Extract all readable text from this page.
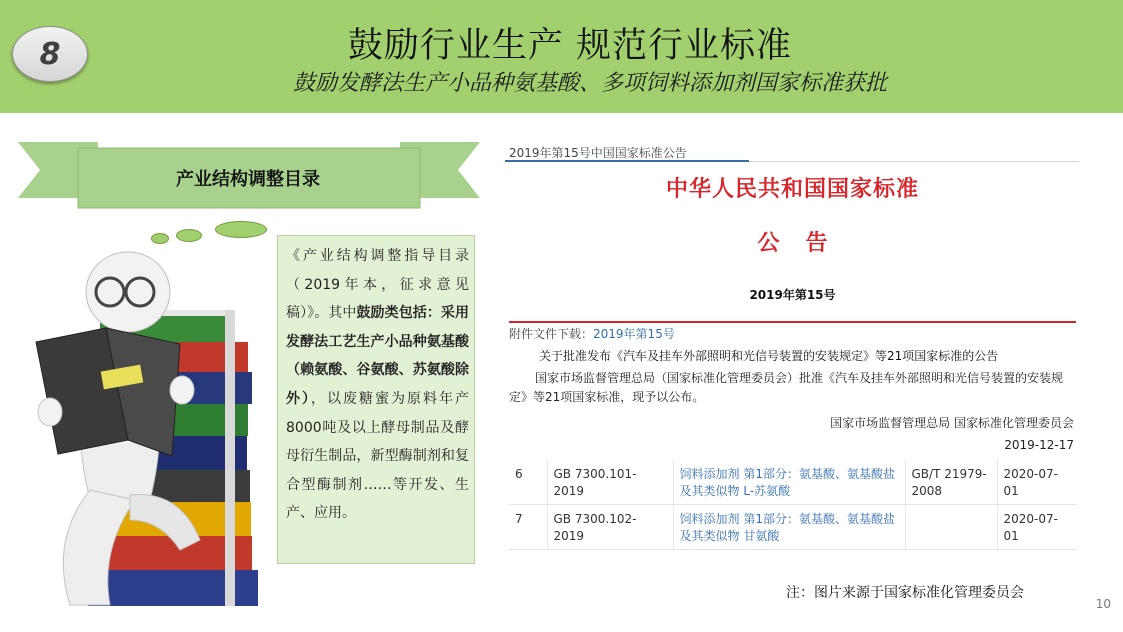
8	鼓励行业生产 规范行业标准
鼓励发酵法生产小品种氨基酸、多项饲料添加剂国家标准获批
产业结构调整目录
《产业结构调整指导目录（2019年本，征求意见稿）》。其中鼓励类包括：采用发酵法工艺生产小品种氨基酸（赖氨酸、谷氨酸、苏氨酸除外），以废糖蜜为原料年产8000吨及以上酵母制品及酵母衍生制品，新型酶制剂和复合型酶制剂……等开发、生产、应用。
2019年第15号中国国家标准公告
中华人民共和国国家标准
公告
2019年第15号
附件文件下载：2019年第15号
关于批准发布《汽车及挂车外部照明和光信号装置的安装规定》等21项国家标准的公告
国家市场监督管理总局（国家标准化管理委员会）批准《汽车及挂车外部照明和光信号装置的安装规定》等21项国家标准，现予以公布。
国家市场监督管理总局 国家标准化管理委员会
2019-12-17
6	GB 7300.101-2019	饲料添加剂 第1部分：氨基酸、氨基酸盐及其类似物 L-苏氨酸	GB/T 21979-2008	2020-07-01
7	GB 7300.102-2019	饲料添加剂 第1部分：氨基酸、氨基酸盐及其类似物 甘氨酸		2020-07-01
注：图片来源于国家标准化管理委员会
10
